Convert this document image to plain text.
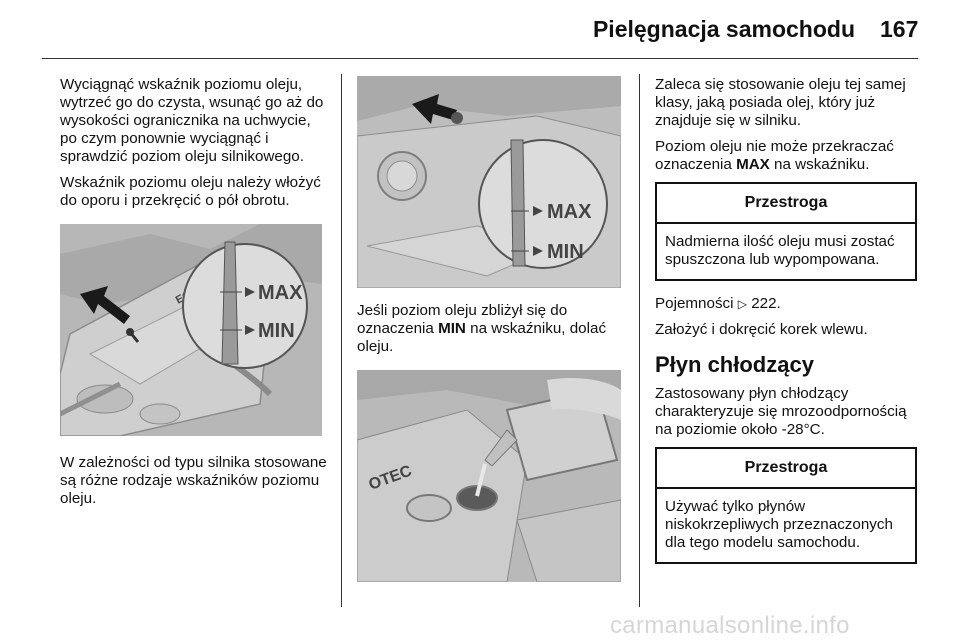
Pielęgnacja samochodu 167

Wyciągnąć wskaźnik poziomu oleju, wytrzeć go do czysta, wsunąć go aż do wysokości ogranicznika na uchwycie, po czym ponownie wyciągnąć i sprawdzić poziom oleju silnikowego.

Wskaźnik poziomu oleju należy włożyć do oporu i przekręcić o pół obrotu.

MAX
MIN

W zależności od typu silnika stosowane są różne rodzaje wskaźników poziomu oleju.

MAX
MIN

Jeśli poziom oleju zbliżył się do oznaczenia MIN na wskaźniku, dolać oleju.

OTEC

Zaleca się stosowanie oleju tej samej klasy, jaką posiada olej, który już znajduje się w silniku.

Poziom oleju nie może przekraczać oznaczenia MAX na wskaźniku.

Przestroga
Nadmierna ilość oleju musi zostać spuszczona lub wypompowana.

Pojemności ▷ 222.

Założyć i dokręcić korek wlewu.

Płyn chłodzący

Zastosowany płyn chłodzący charakteryzuje się mrozoodpornością na poziomie około -28°C.

Przestroga
Używać tylko płynów niskokrzepliwych przeznaczonych dla tego modelu samochodu.
carmanualsonline.info
